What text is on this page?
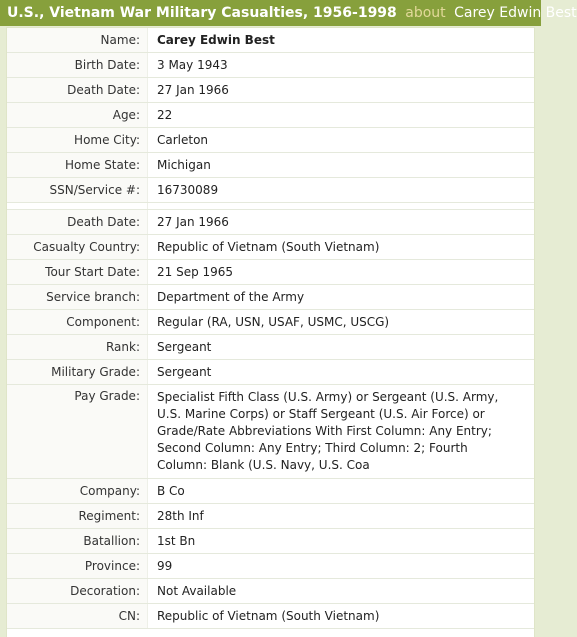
U.S., Vietnam War Military Casualties, 1956-1998 about Carey Edwin Best
Name:	Carey Edwin Best
Birth Date:	3 May 1943
Death Date:	27 Jan 1966
Age:	22
Home City:	Carleton
Home State:	Michigan
SSN/Service #:	16730089

Death Date:	27 Jan 1966
Casualty Country:	Republic of Vietnam (South Vietnam)
Tour Start Date:	21 Sep 1965
Service branch:	Department of the Army
Component:	Regular (RA, USN, USAF, USMC, USCG)
Rank:	Sergeant
Military Grade:	Sergeant
Pay Grade:	Specialist Fifth Class (U.S. Army) or Sergeant (U.S. Army, U.S. Marine Corps) or Staff Sergeant (U.S. Air Force) or Grade/Rate Abbreviations With First Column: Any Entry; Second Column: Any Entry; Third Column: 2; Fourth Column: Blank (U.S. Navy, U.S. Coa
Company:	B Co
Regiment:	28th Inf
Batallion:	1st Bn
Province:	99
Decoration:	Not Available
CN:	Republic of Vietnam (South Vietnam)
